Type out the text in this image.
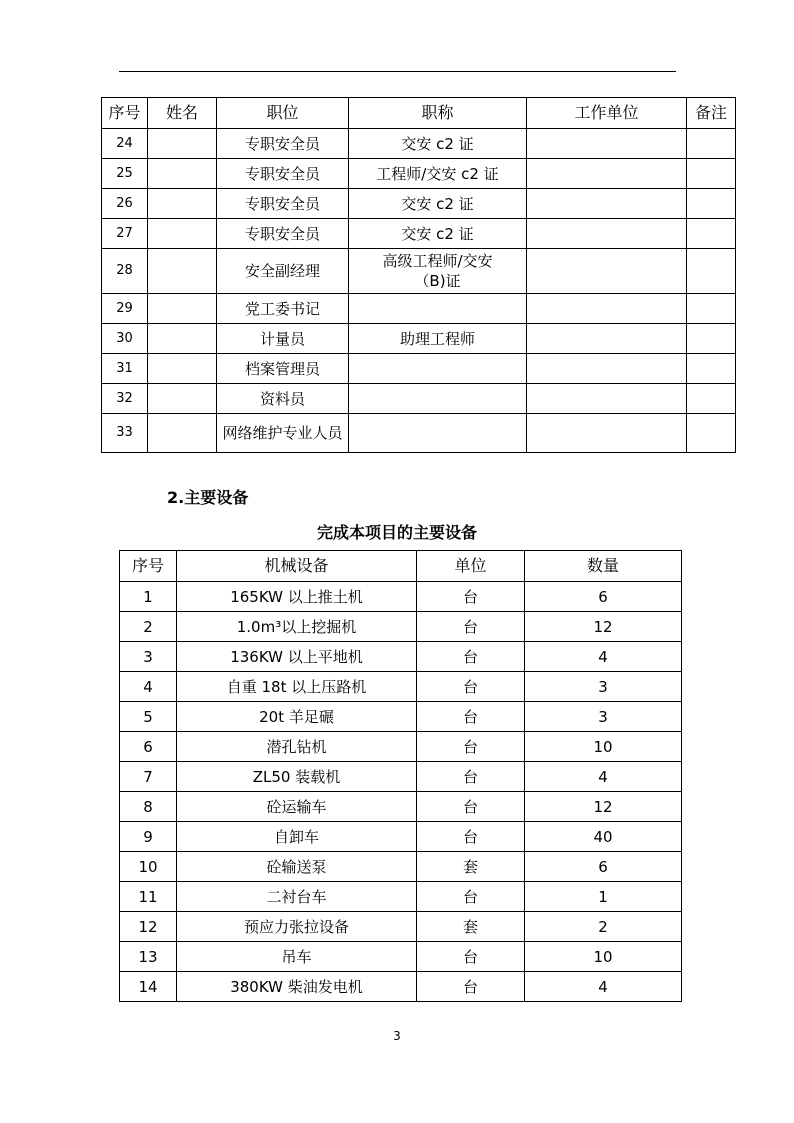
序号	姓名	职位	职称	工作单位	备注
24		专职安全员	交安 c2 证		
25		专职安全员	工程师/交安 c2 证		
26		专职安全员	交安 c2 证		
27		专职安全员	交安 c2 证		
28		安全副经理	高级工程师/交安（B)证		
29		党工委书记			
30		计量员	助理工程师		
31		档案管理员			
32		资料员			
33		网络维护专业人员			
2.主要设备
完成本项目的主要设备
序号	机械设备	单位	数量
1	165KW 以上推土机	台	6
2	1.0m³以上挖掘机	台	12
3	136KW 以上平地机	台	4
4	自重 18t 以上压路机	台	3
5	20t 羊足碾	台	3
6	潜孔钻机	台	10
7	ZL50 装载机	台	4
8	砼运输车	台	12
9	自卸车	台	40
10	砼输送泵	套	6
11	二衬台车	台	1
12	预应力张拉设备	套	2
13	吊车	台	10
14	380KW 柴油发电机	台	4
3
